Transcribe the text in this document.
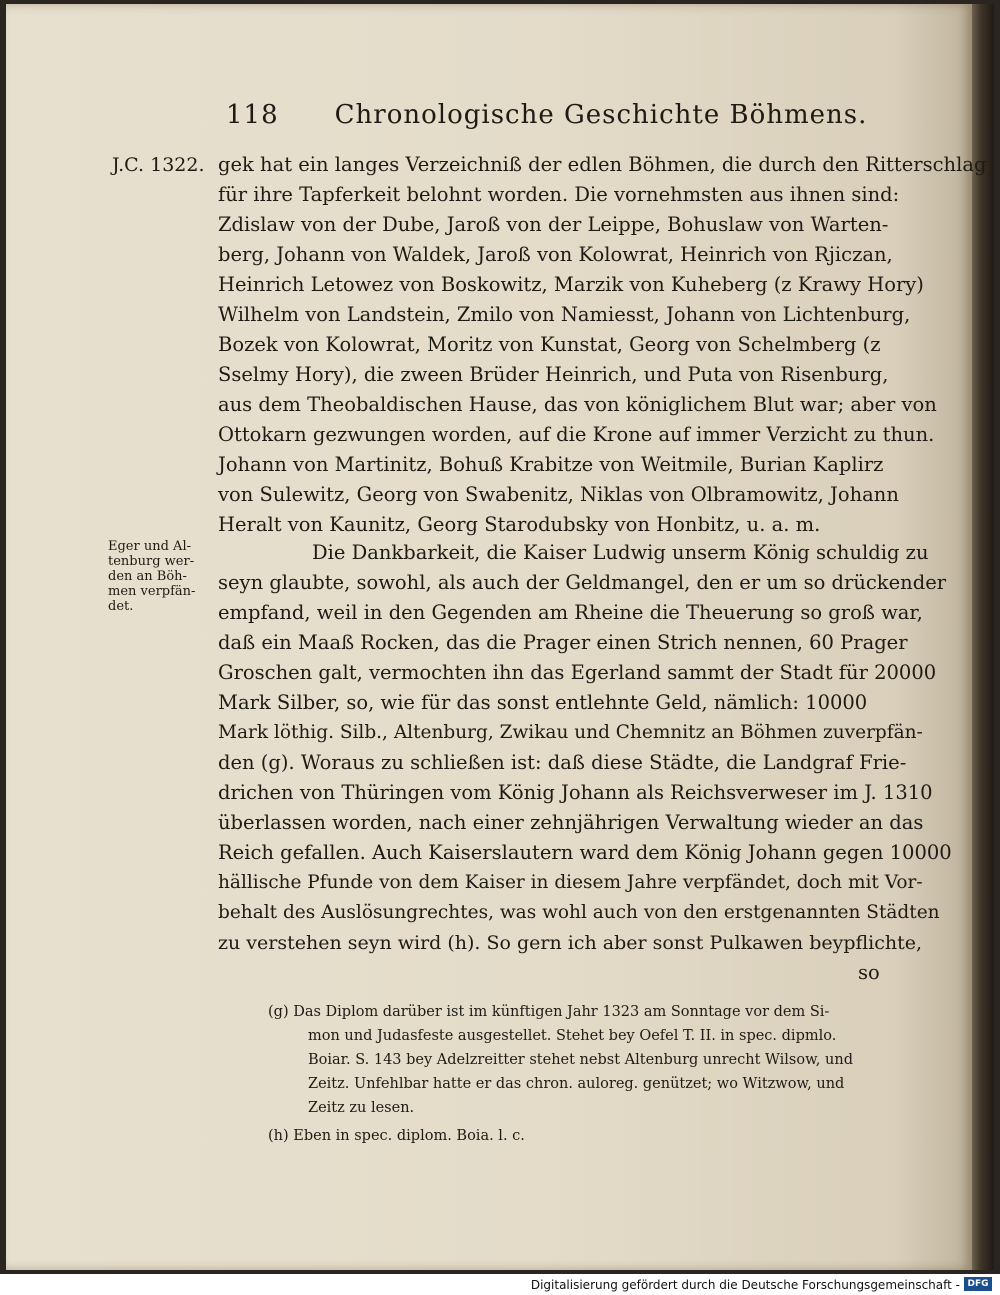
118 Chronologische Geschichte Böhmens.
J.C. 1322. gek hat ein langes Verzeichniß der edlen Böhmen, die durch den Ritterschlag
für ihre Tapferkeit belohnt worden. Die vornehmsten aus ihnen sind:
Zdislaw von der Dube, Jaroß von der Leippe, Bohuslaw von Warten-
berg, Johann von Waldek, Jaroß von Kolowrat, Heinrich von Rjiczan,
Heinrich Letowez von Boskowitz, Marzik von Kuheberg (z Krawy Hory)
Wilhelm von Landstein, Zmilo von Namiesst, Johann von Lichtenburg,
Bozek von Kolowrat, Moritz von Kunstat, Georg von Schelmberg (z
Sselmy Hory), die zween Brüder Heinrich, und Puta von Risenburg,
aus dem Theobaldischen Hause, das von königlichem Blut war; aber von
Ottokarn gezwungen worden, auf die Krone auf immer Verzicht zu thun.
Johann von Martinitz, Bohuß Krabitze von Weitmile, Burian Kaplirz
von Sulewitz, Georg von Swabenitz, Niklas von Olbramowitz, Johann
Heralt von Kaunitz, Georg Starodubsky von Honbitz, u. a. m.
Eger und Al-
tenburg wer-
den an Böh-
men verpfän-
det.
Die Dankbarkeit, die Kaiser Ludwig unserm König schuldig zu
seyn glaubte, sowohl, als auch der Geldmangel, den er um so drückender
empfand, weil in den Gegenden am Rheine die Theuerung so groß war,
daß ein Maaß Rocken, das die Prager einen Strich nennen, 60 Prager
Groschen galt, vermochten ihn das Egerland sammt der Stadt für 20000
Mark Silber, so, wie für das sonst entlehnte Geld, nämlich: 10000
Mark löthig. Silb., Altenburg, Zwikau und Chemnitz an Böhmen zuverpfän-
den (g). Woraus zu schließen ist: daß diese Städte, die Landgraf Frie-
drichen von Thüringen vom König Johann als Reichsverweser im J. 1310
überlassen worden, nach einer zehnjährigen Verwaltung wieder an das
Reich gefallen. Auch Kaiserslautern ward dem König Johann gegen 10000
hällische Pfunde von dem Kaiser in diesem Jahre verpfändet, doch mit Vor-
behalt des Auslösungrechtes, was wohl auch von den erstgenannten Städten
zu verstehen seyn wird (h). So gern ich aber sonst Pulkawen beypflichte,
so
(g) Das Diplom darüber ist im künftigen Jahr 1323 am Sonntage vor dem Si-
mon und Judasfeste ausgestellet. Stehet bey Oefel T. II. in spec. dipmlo.
Boiar. S. 143 bey Adelzreitter stehet nebst Altenburg unrecht Wilsow, und
Zeitz. Unfehlbar hatte er das chron. auloreg. genützet; wo Witzwow, und
Zeitz zu lesen.
(h) Eben in spec. diplom. Boia. l. c.
Digitalisierung gefördert durch die Deutsche Forschungsgemeinschaft - DFG
